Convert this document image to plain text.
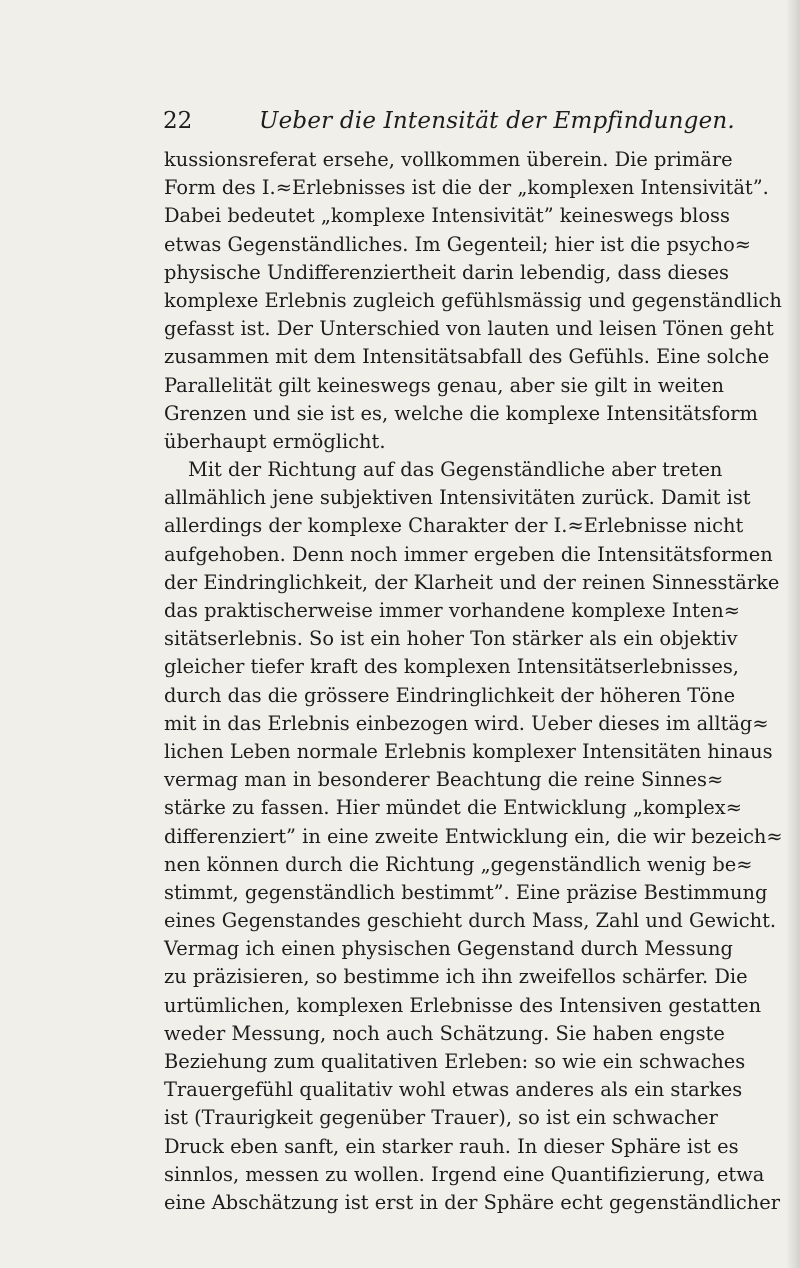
22	Ueber die Intensität der Empfindungen.
kussionsreferat ersehe, vollkommen überein. Die primäre
Form des I.≈Erlebnisses ist die der „komplexen Intensivität”.
Dabei bedeutet „komplexe Intensivität” keineswegs bloss
etwas Gegenständliches. Im Gegenteil; hier ist die psycho≈
physische Undifferenziertheit darin lebendig, dass dieses
komplexe Erlebnis zugleich gefühlsmässig und gegenständlich
gefasst ist. Der Unterschied von lauten und leisen Tönen geht
zusammen mit dem Intensitätsabfall des Gefühls. Eine solche
Parallelität gilt keineswegs genau, aber sie gilt in weiten
Grenzen und sie ist es, welche die komplexe Intensitätsform
überhaupt ermöglicht.
Mit der Richtung auf das Gegenständliche aber treten
allmählich jene subjektiven Intensivitäten zurück. Damit ist
allerdings der komplexe Charakter der I.≈Erlebnisse nicht
aufgehoben. Denn noch immer ergeben die Intensitätsformen
der Eindringlichkeit, der Klarheit und der reinen Sinnesstärke
das praktischerweise immer vorhandene komplexe Inten≈
sitätserlebnis. So ist ein hoher Ton stärker als ein objektiv
gleicher tiefer kraft des komplexen Intensitätserlebnisses,
durch das die grössere Eindringlichkeit der höheren Töne
mit in das Erlebnis einbezogen wird. Ueber dieses im alltäg≈
lichen Leben normale Erlebnis komplexer Intensitäten hinaus
vermag man in besonderer Beachtung die reine Sinnes≈
stärke zu fassen. Hier mündet die Entwicklung „komplex≈
differenziert” in eine zweite Entwicklung ein, die wir bezeich≈
nen können durch die Richtung „gegenständlich wenig be≈
stimmt, gegenständlich bestimmt”. Eine präzise Bestimmung
eines Gegenstandes geschieht durch Mass, Zahl und Gewicht.
Vermag ich einen physischen Gegenstand durch Messung
zu präzisieren, so bestimme ich ihn zweifellos schärfer. Die
urtümlichen, komplexen Erlebnisse des Intensiven gestatten
weder Messung, noch auch Schätzung. Sie haben engste
Beziehung zum qualitativen Erleben: so wie ein schwaches
Trauergefühl qualitativ wohl etwas anderes als ein starkes
ist (Traurigkeit gegenüber Trauer), so ist ein schwacher
Druck eben sanft, ein starker rauh. In dieser Sphäre ist es
sinnlos, messen zu wollen. Irgend eine Quantifizierung, etwa
eine Abschätzung ist erst in der Sphäre echt gegenständlicher
